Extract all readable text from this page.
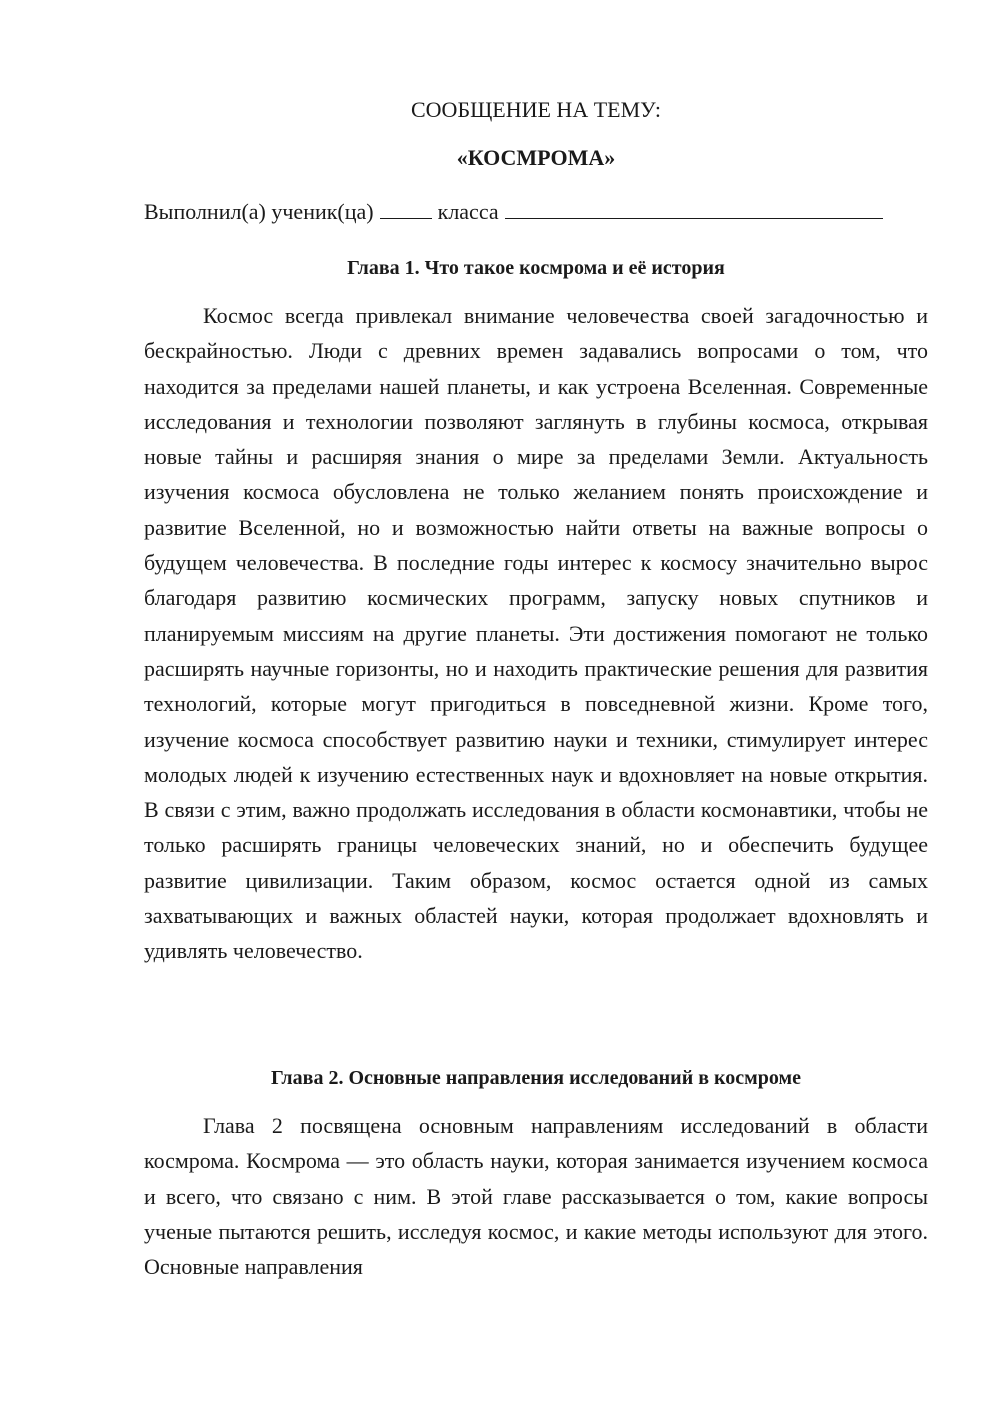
СООБЩЕНИЕ НА ТЕМУ:
«КОСМРОМА»
Выполнил(а) ученик(ца)	класса
Глава 1. Что такое космрома и её история

Космос всегда привлекал внимание человечества своей загадочностью и бескрайностью. Люди с древних времен задавались вопросами о том, что находится за пределами нашей планеты, и как устроена Вселенная. Современные исследования и технологии позволяют заглянуть в глубины космоса, открывая новые тайны и расширяя знания о мире за пределами Земли. Актуальность изучения космоса обусловлена не только желанием понять происхождение и развитие Вселенной, но и возможностью найти ответы на важные вопросы о будущем человечества. В последние годы интерес к космосу значительно вырос благодаря развитию космических программ, запуску новых спутников и планируемым миссиям на другие планеты. Эти достижения помогают не только расширять научные горизонты, но и находить практические решения для развития технологий, которые могут пригодиться в повседневной жизни. Кроме того, изучение космоса способствует развитию науки и техники, стимулирует интерес молодых людей к изучению естественных наук и вдохновляет на новые открытия. В связи с этим, важно продолжать исследования в области космонавтики, чтобы не только расширять границы человеческих знаний, но и обеспечить будущее развитие цивилизации. Таким образом, космос остается одной из самых захватывающих и важных областей науки, которая продолжает вдохновлять и удивлять человечество.

Глава 2. Основные направления исследований в космроме

Глава 2 посвящена основным направлениям исследований в области космрома. Космрома — это область науки, которая занимается изучением космоса и всего, что связано с ним. В этой главе рассказывается о том, какие вопросы ученые пытаются решить, исследуя космос, и какие методы используют для этого. Основные направления
